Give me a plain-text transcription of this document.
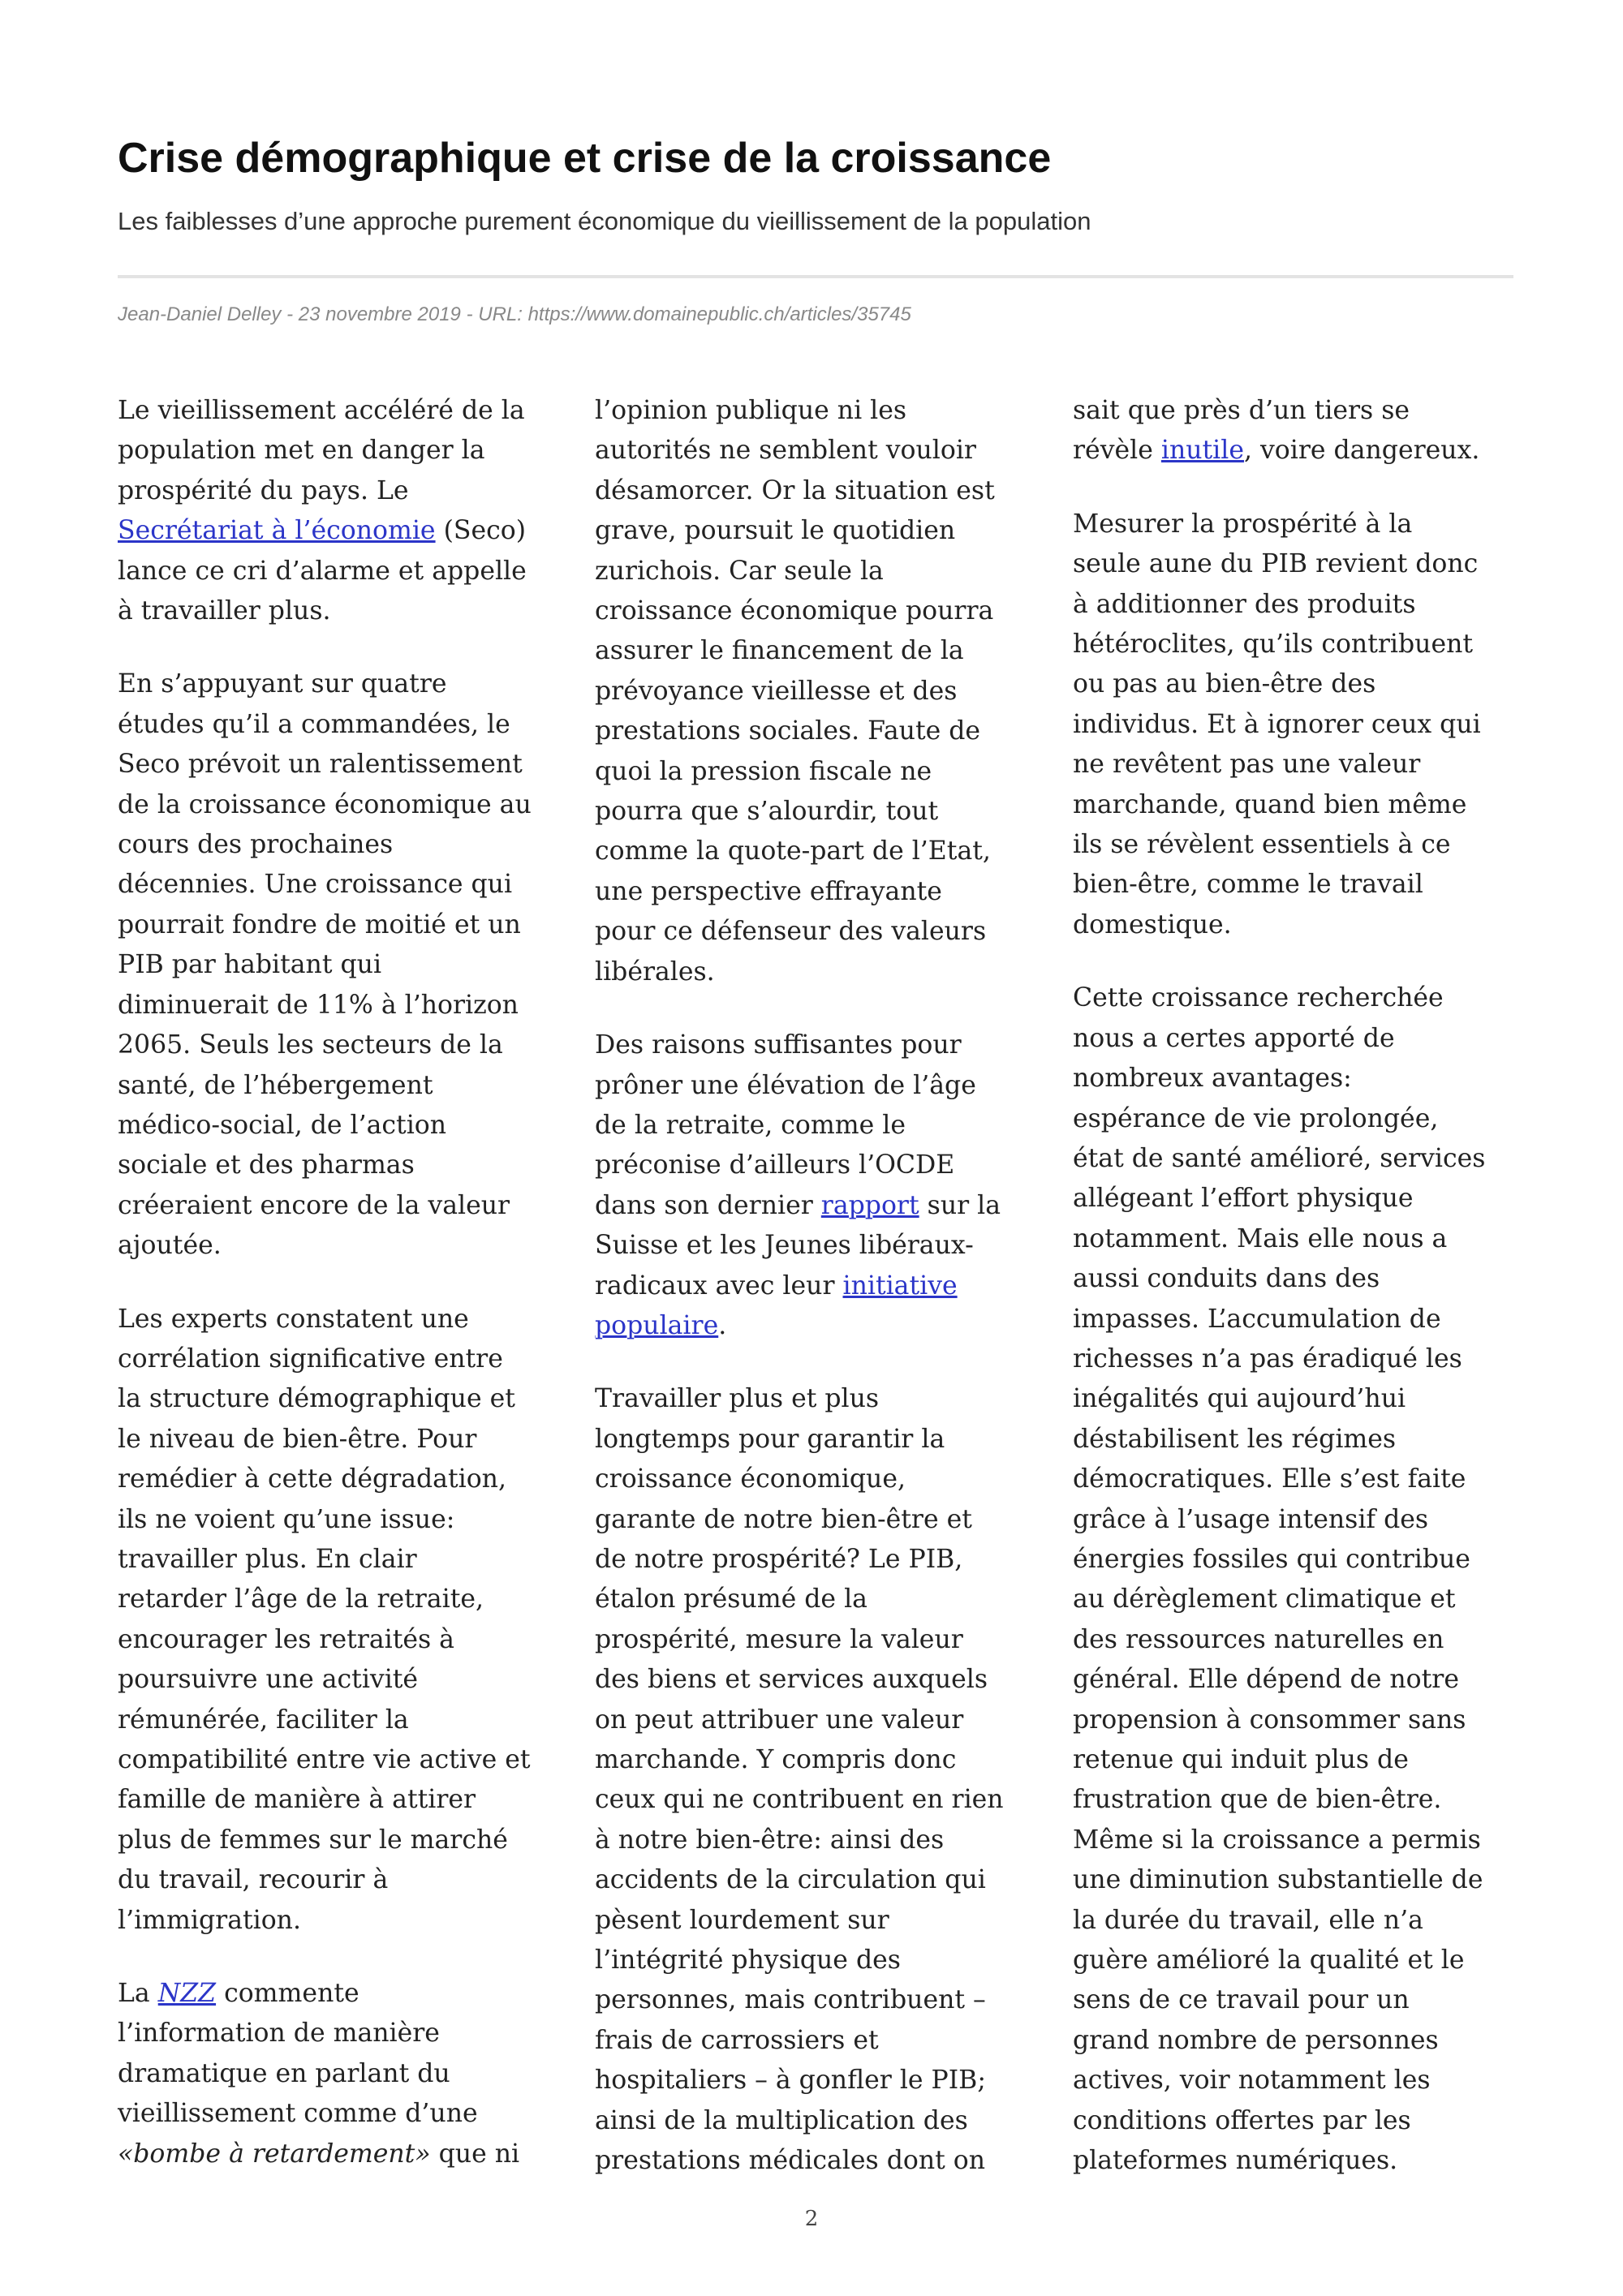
Crise démographique et crise de la croissance

Les faiblesses d’une approche purement économique du vieillissement de la population

Jean-Daniel Delley - 23 novembre 2019 - URL: https://www.domainepublic.ch/articles/35745

Le vieillissement accéléré de la
population met en danger la
prospérité du pays. Le
Secrétariat à l’économie (Seco)
lance ce cri d’alarme et appelle
à travailler plus.

En s’appuyant sur quatre
études qu’il a commandées, le
Seco prévoit un ralentissement
de la croissance économique au
cours des prochaines
décennies. Une croissance qui
pourrait fondre de moitié et un
PIB par habitant qui
diminuerait de 11% à l’horizon
2065. Seuls les secteurs de la
santé, de l’hébergement
médico-social, de l’action
sociale et des pharmas
créeraient encore de la valeur
ajoutée.

Les experts constatent une
corrélation significative entre
la structure démographique et
le niveau de bien-être. Pour
remédier à cette dégradation,
ils ne voient qu’une issue:
travailler plus. En clair
retarder l’âge de la retraite,
encourager les retraités à
poursuivre une activité
rémunérée, faciliter la
compatibilité entre vie active et
famille de manière à attirer
plus de femmes sur le marché
du travail, recourir à
l’immigration.

La NZZ commente
l’information de manière
dramatique en parlant du
vieillissement comme d’une
«bombe à retardement» que ni

l’opinion publique ni les
autorités ne semblent vouloir
désamorcer. Or la situation est
grave, poursuit le quotidien
zurichois. Car seule la
croissance économique pourra
assurer le financement de la
prévoyance vieillesse et des
prestations sociales. Faute de
quoi la pression fiscale ne
pourra que s’alourdir, tout
comme la quote-part de l’Etat,
une perspective effrayante
pour ce défenseur des valeurs
libérales.

Des raisons suffisantes pour
prôner une élévation de l’âge
de la retraite, comme le
préconise d’ailleurs l’OCDE
dans son dernier rapport sur la
Suisse et les Jeunes libéraux-
radicaux avec leur initiative
populaire.

Travailler plus et plus
longtemps pour garantir la
croissance économique,
garante de notre bien-être et
de notre prospérité? Le PIB,
étalon présumé de la
prospérité, mesure la valeur
des biens et services auxquels
on peut attribuer une valeur
marchande. Y compris donc
ceux qui ne contribuent en rien
à notre bien-être: ainsi des
accidents de la circulation qui
pèsent lourdement sur
l’intégrité physique des
personnes, mais contribuent –
frais de carrossiers et
hospitaliers – à gonfler le PIB;
ainsi de la multiplication des
prestations médicales dont on

sait que près d’un tiers se
révèle inutile, voire dangereux.

Mesurer la prospérité à la
seule aune du PIB revient donc
à additionner des produits
hétéroclites, qu’ils contribuent
ou pas au bien-être des
individus. Et à ignorer ceux qui
ne revêtent pas une valeur
marchande, quand bien même
ils se révèlent essentiels à ce
bien-être, comme le travail
domestique.

Cette croissance recherchée
nous a certes apporté de
nombreux avantages:
espérance de vie prolongée,
état de santé amélioré, services
allégeant l’effort physique
notamment. Mais elle nous a
aussi conduits dans des
impasses. L’accumulation de
richesses n’a pas éradiqué les
inégalités qui aujourd’hui
déstabilisent les régimes
démocratiques. Elle s’est faite
grâce à l’usage intensif des
énergies fossiles qui contribue
au dérèglement climatique et
des ressources naturelles en
général. Elle dépend de notre
propension à consommer sans
retenue qui induit plus de
frustration que de bien-être.
Même si la croissance a permis
une diminution substantielle de
la durée du travail, elle n’a
guère amélioré la qualité et le
sens de ce travail pour un
grand nombre de personnes
actives, voir notamment les
conditions offertes par les
plateformes numériques.

2
